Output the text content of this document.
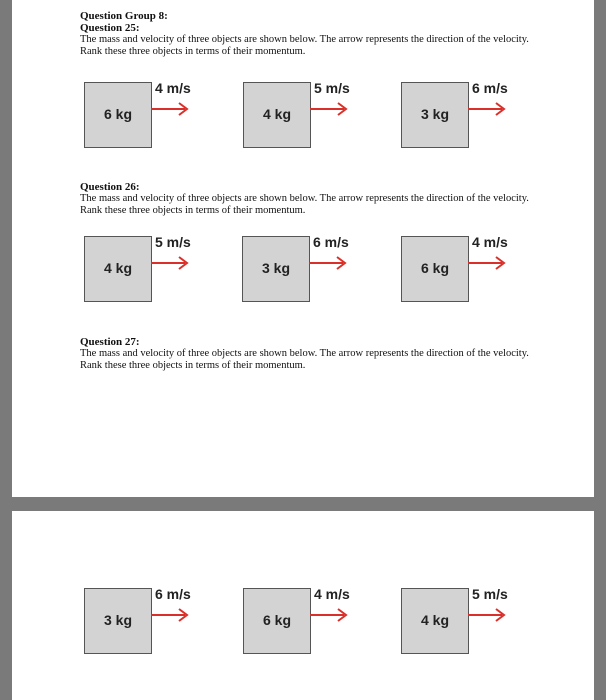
Question Group 8:

Question 25:

The mass and velocity of three objects are shown below. The arrow represents the direction of the velocity. Rank these three objects in terms of their momentum.

6 kg
4 m/s
4 kg
5 m/s
3 kg
6 m/s

Question 26:

The mass and velocity of three objects are shown below. The arrow represents the direction of the velocity. Rank these three objects in terms of their momentum.

4 kg
5 m/s
3 kg
6 m/s
6 kg
4 m/s

Question 27:

The mass and velocity of three objects are shown below. The arrow represents the direction of the velocity. Rank these three objects in terms of their momentum.

3 kg
6 m/s
6 kg
4 m/s
4 kg
5 m/s
